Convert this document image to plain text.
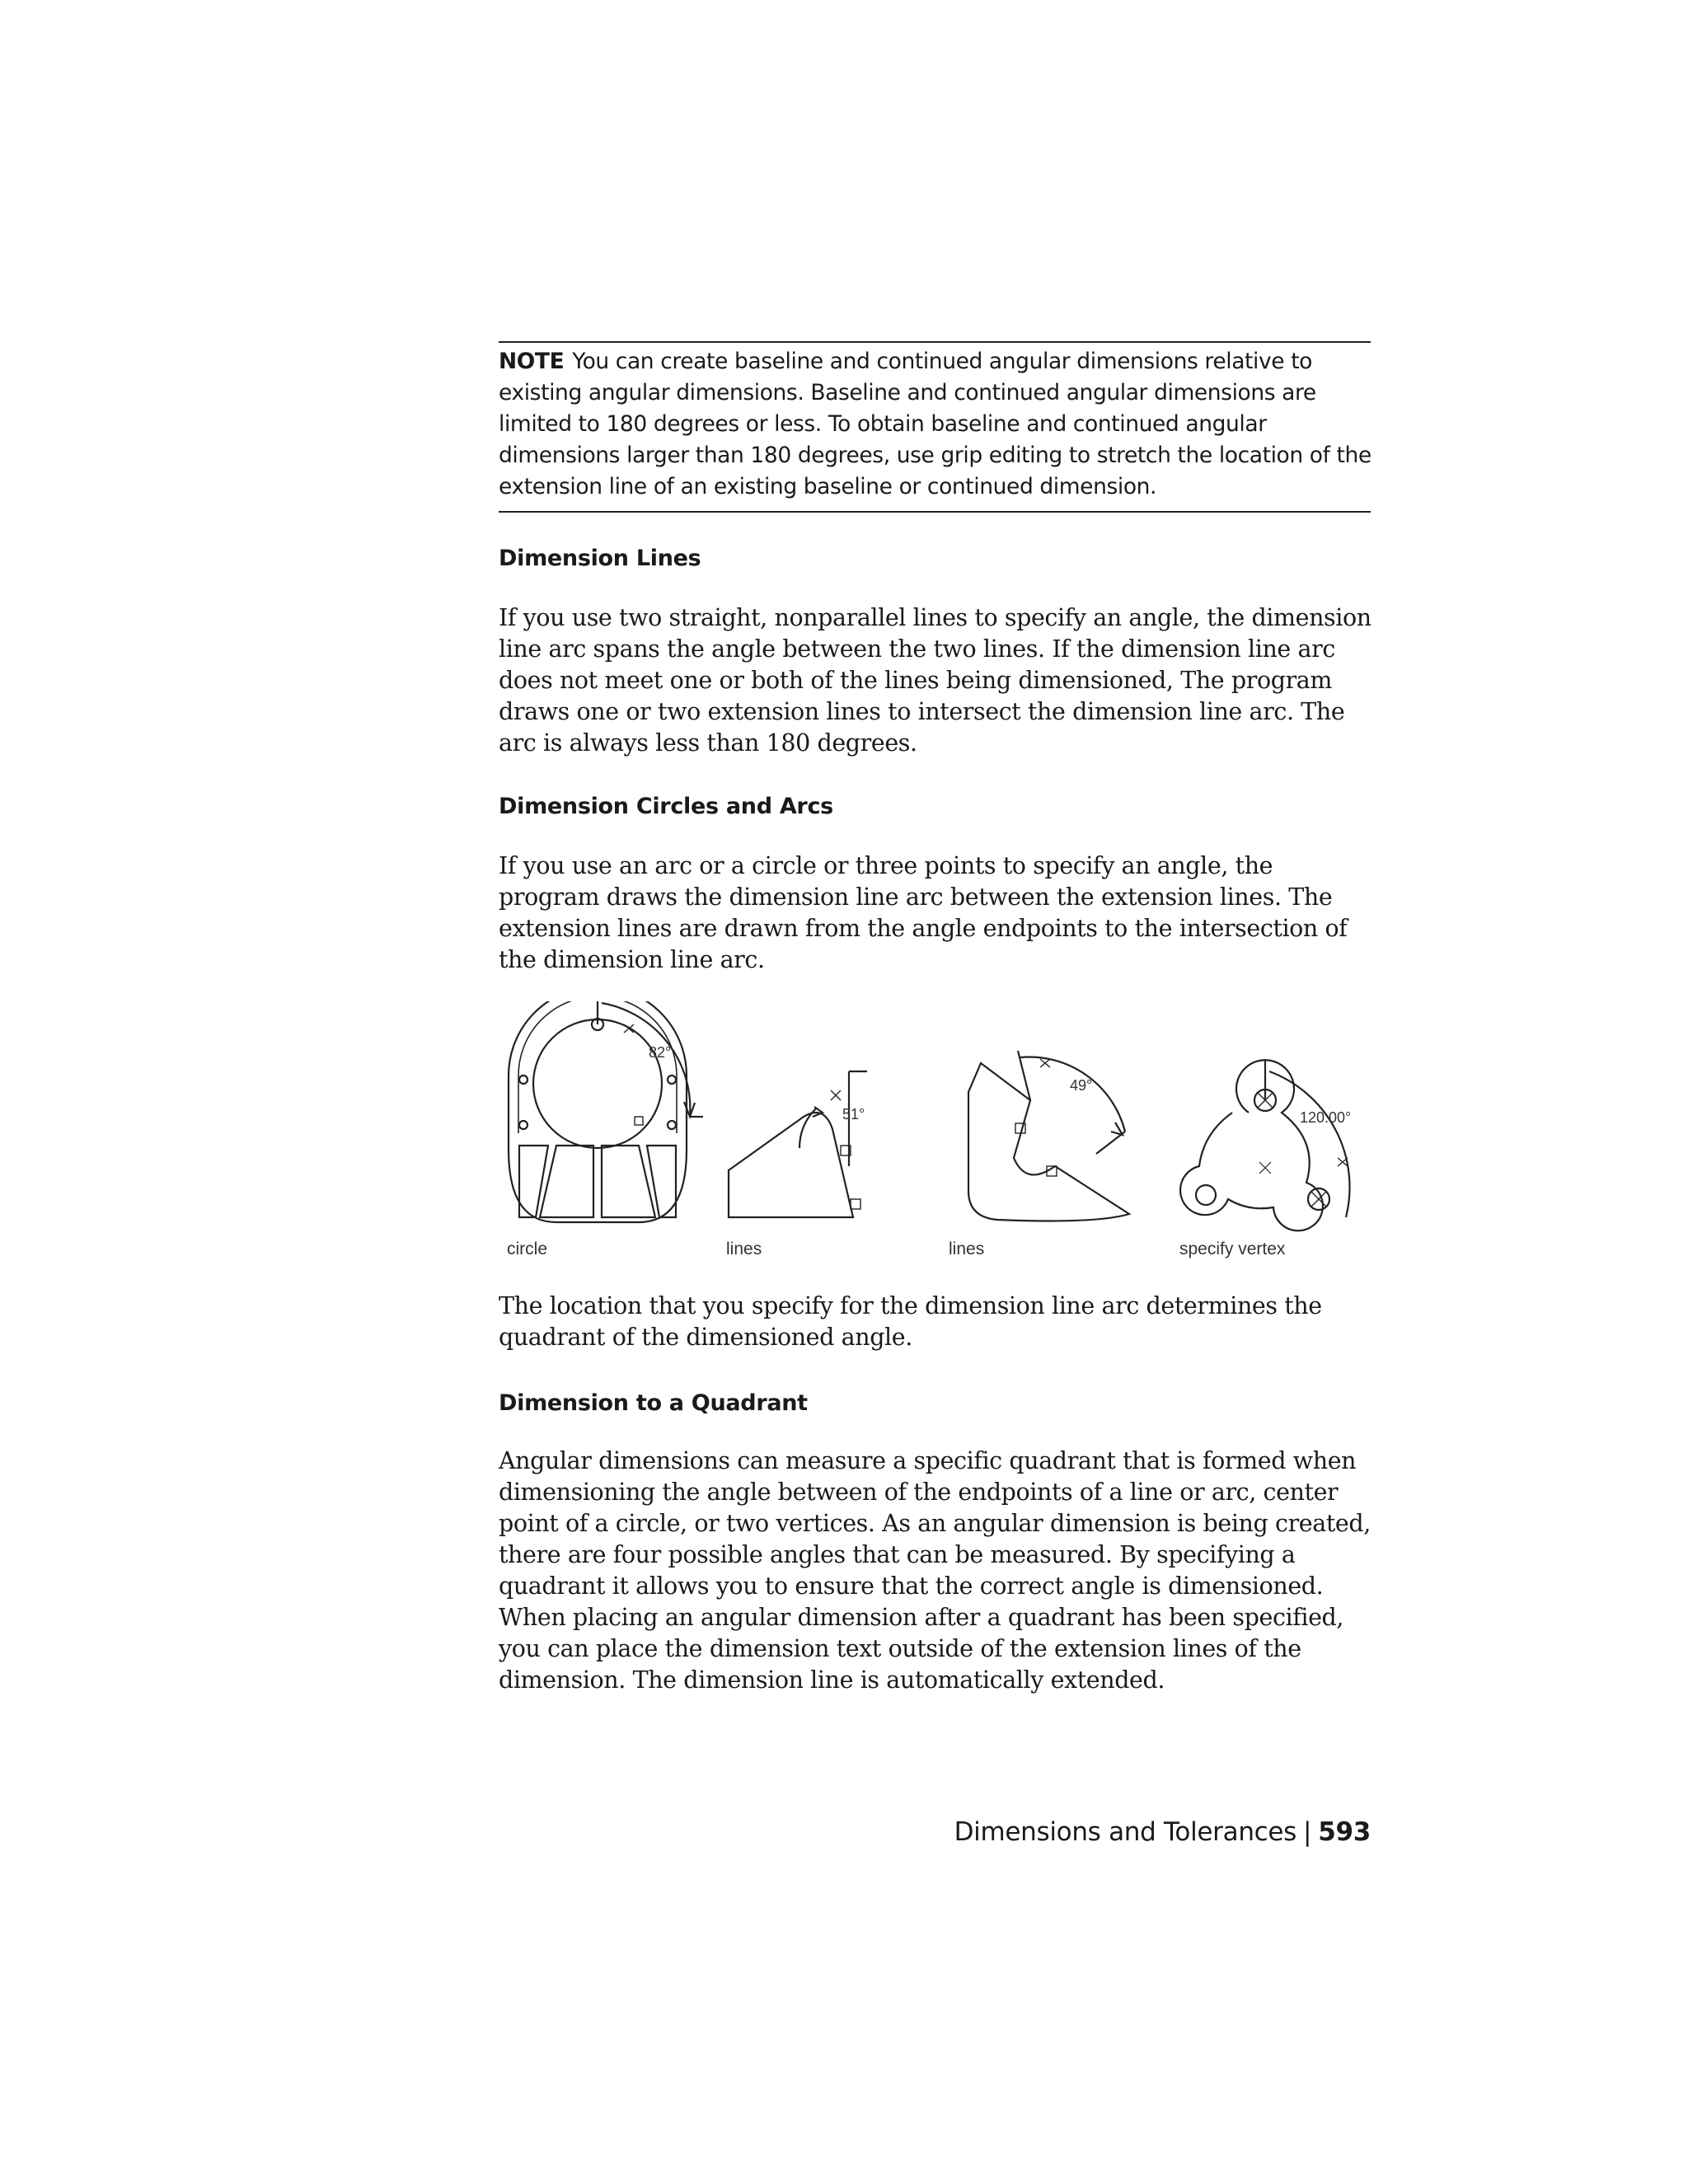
NOTE You can create baseline and continued angular dimensions relative to existing angular dimensions. Baseline and continued angular dimensions are limited to 180 degrees or less. To obtain baseline and continued angular dimensions larger than 180 degrees, use grip editing to stretch the location of the extension line of an existing baseline or continued dimension.
Dimension Lines
If you use two straight, nonparallel lines to specify an angle, the dimension line arc spans the angle between the two lines. If the dimension line arc does not meet one or both of the lines being dimensioned, The program draws one or two extension lines to intersect the dimension line arc. The arc is always less than 180 degrees.
Dimension Circles and Arcs
If you use an arc or a circle or three points to specify an angle, the program draws the dimension line arc between the extension lines. The extension lines are drawn from the angle endpoints to the intersection of the dimension line arc.
82°
51°
49°
120.00°
circle	lines	lines	specify vertex
The location that you specify for the dimension line arc determines the quadrant of the dimensioned angle.
Dimension to a Quadrant
Angular dimensions can measure a specific quadrant that is formed when dimensioning the angle between of the endpoints of a line or arc, center point of a circle, or two vertices. As an angular dimension is being created, there are four possible angles that can be measured. By specifying a quadrant it allows you to ensure that the correct angle is dimensioned. When placing an angular dimension after a quadrant has been specified, you can place the dimension text outside of the extension lines of the dimension. The dimension line is automatically extended.
Dimensions and Tolerances | 593
